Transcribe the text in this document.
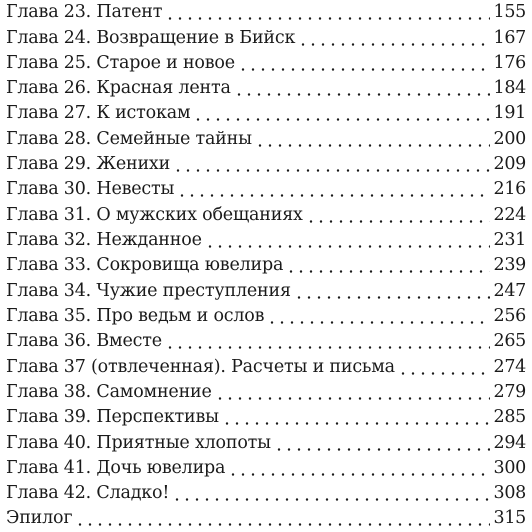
Глава 23. Патент	155
Глава 24. Возвращение в Бийск	167
Глава 25. Старое и новое	176
Глава 26. Красная лента	184
Глава 27. К истокам	191
Глава 28. Семейные тайны	200
Глава 29. Женихи	209
Глава 30. Невесты	216
Глава 31. О мужских обещаниях	224
Глава 32. Нежданное	231
Глава 33. Сокровища ювелира	239
Глава 34. Чужие преступления	247
Глава 35. Про ведьм и ослов	256
Глава 36. Вместе	265
Глава 37 (отвлеченная). Расчеты и письма	274
Глава 38. Самомнение	279
Глава 39. Перспективы	285
Глава 40. Приятные хлопоты	294
Глава 41. Дочь ювелира	300
Глава 42. Сладко!	308
Эпилог	315
